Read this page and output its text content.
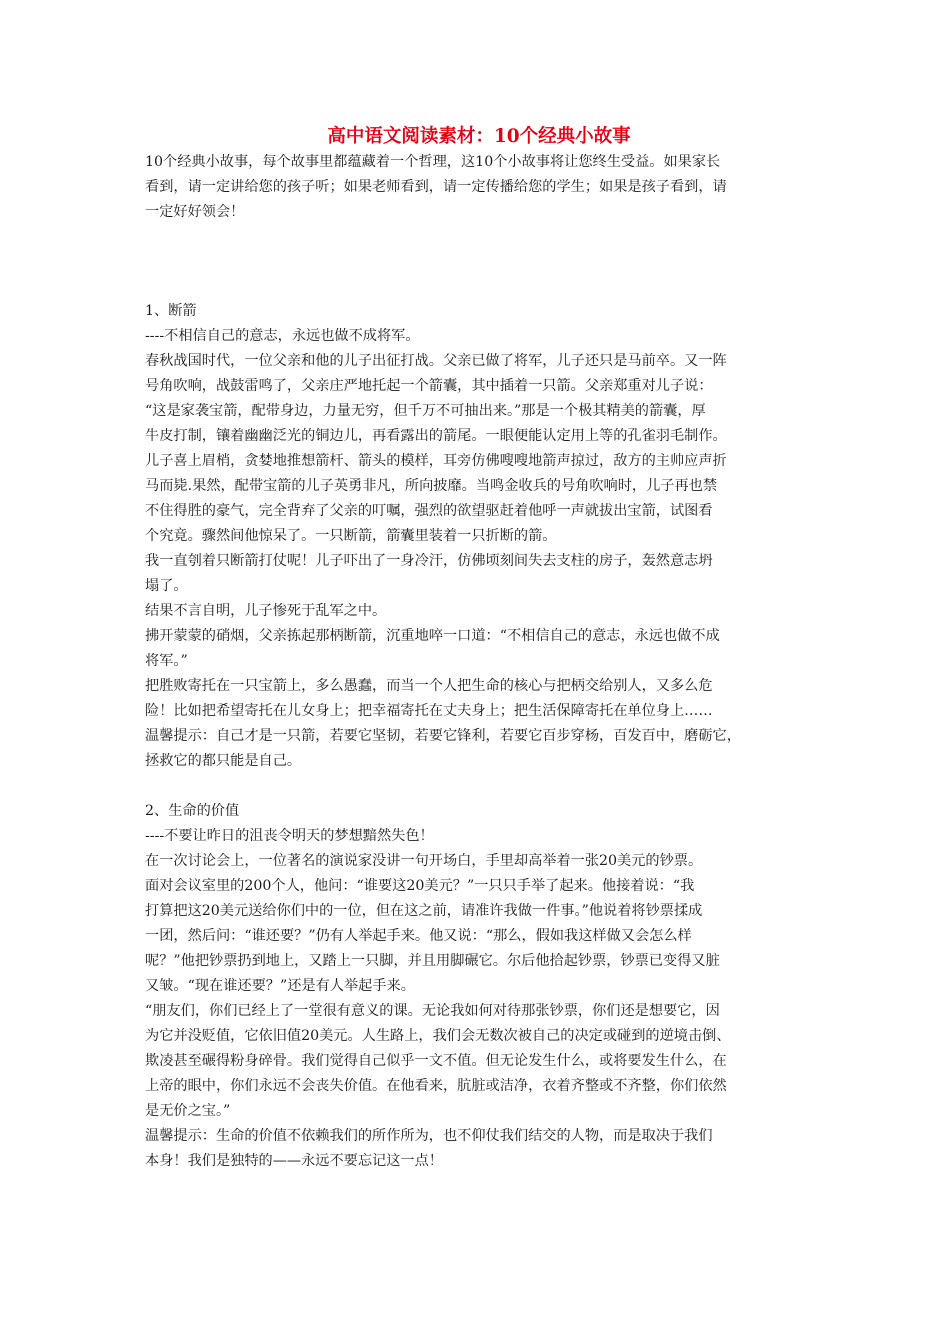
高中语文阅读素材：10个经典小故事
10个经典小故事，每个故事里都蕴藏着一个哲理，这10个小故事将让您终生受益。如果家长
看到，请一定讲给您的孩子听；如果老师看到，请一定传播给您的学生；如果是孩子看到，请
一定好好领会！
1、断箭
----不相信自己的意志，永远也做不成将军。
春秋战国时代，一位父亲和他的儿子出征打战。父亲已做了将军，儿子还只是马前卒。又一阵
号角吹响，战鼓雷鸣了，父亲庄严地托起一个箭囊，其中插着一只箭。父亲郑重对儿子说：
“这是家袭宝箭，配带身边，力量无穷，但千万不可抽出来。”那是一个极其精美的箭囊，厚
牛皮打制，镶着幽幽泛光的铜边儿，再看露出的箭尾。一眼便能认定用上等的孔雀羽毛制作。
儿子喜上眉梢，贪婪地推想箭杆、箭头的模样，耳旁仿佛嗖嗖地箭声掠过，敌方的主帅应声折
马而毙.果然，配带宝箭的儿子英勇非凡，所向披靡。当鸣金收兵的号角吹响时，儿子再也禁
不住得胜的豪气，完全背弃了父亲的叮嘱，强烈的欲望驱赶着他呼一声就拔出宝箭，试图看
个究竟。骤然间他惊呆了。一只断箭，箭囊里装着一只折断的箭。
我一直刳着只断箭打仗呢！儿子吓出了一身冷汗，仿佛顷刻间失去支柱的房子，轰然意志坍
塌了。
结果不言自明，儿子惨死于乱军之中。
拂开蒙蒙的硝烟，父亲拣起那柄断箭，沉重地啐一口道：“不相信自己的意志，永远也做不成
将军。”
把胜败寄托在一只宝箭上，多么愚蠢，而当一个人把生命的核心与把柄交给别人，又多么危
险！比如把希望寄托在儿女身上；把幸福寄托在丈夫身上；把生活保障寄托在单位身上……
温馨提示：自己才是一只箭，若要它坚韧，若要它锋利，若要它百步穿杨，百发百中，磨砺它，
拯救它的都只能是自己。
2、生命的价值
----不要让昨日的沮丧令明天的梦想黯然失色！
在一次讨论会上，一位著名的演说家没讲一句开场白，手里却高举着一张20美元的钞票。
面对会议室里的200个人，他问：“谁要这20美元？”一只只手举了起来。他接着说：“我
打算把这20美元送给你们中的一位，但在这之前，请准许我做一件事。”他说着将钞票揉成
一团，然后问：“谁还要？”仍有人举起手来。他又说：“那么，假如我这样做又会怎么样
呢？”他把钞票扔到地上，又踏上一只脚，并且用脚碾它。尔后他拾起钞票，钞票已变得又脏
又皱。“现在谁还要？”还是有人举起手来。
“朋友们，你们已经上了一堂很有意义的课。无论我如何对待那张钞票，你们还是想要它，因
为它并没贬值，它依旧值20美元。人生路上，我们会无数次被自己的决定或碰到的逆境击倒、
欺凌甚至碾得粉身碎骨。我们觉得自己似乎一文不值。但无论发生什么，或将要发生什么，在
上帝的眼中，你们永远不会丧失价值。在他看来，肮脏或洁净，衣着齐整或不齐整，你们依然
是无价之宝。”
温馨提示：生命的价值不依赖我们的所作所为，也不仰仗我们结交的人物，而是取决于我们
本身！我们是独特的——永远不要忘记这一点！
